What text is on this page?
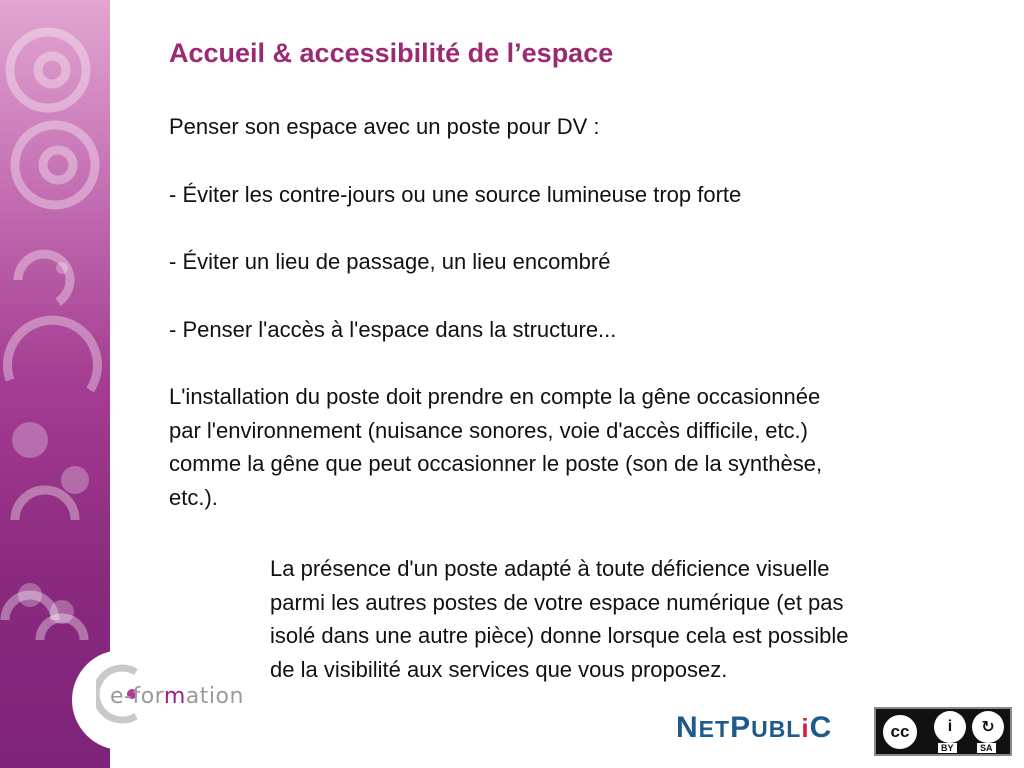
e-formation
Accueil & accessibilité de l’espace

Penser son espace avec un poste pour DV :

- Éviter les contre-jours ou une source lumineuse trop forte

- Éviter un lieu de passage, un lieu encombré

- Penser l'accès à l'espace dans la structure...

L'installation du poste doit prendre en compte la gêne occasionnée

par l'environnement (nuisance sonores, voie d'accès difficile, etc.)

comme la gêne que peut occasionner le poste (son de la synthèse,

etc.).

La présence d'un poste adapté à toute déficience visuelle

parmi les autres postes de votre espace numérique (et pas

isolé dans une autre pièce) donne lorsque cela est possible

de la visibilité aux services que vous proposez.

NETPUBLiC	cc	i	↻
BY	SA
